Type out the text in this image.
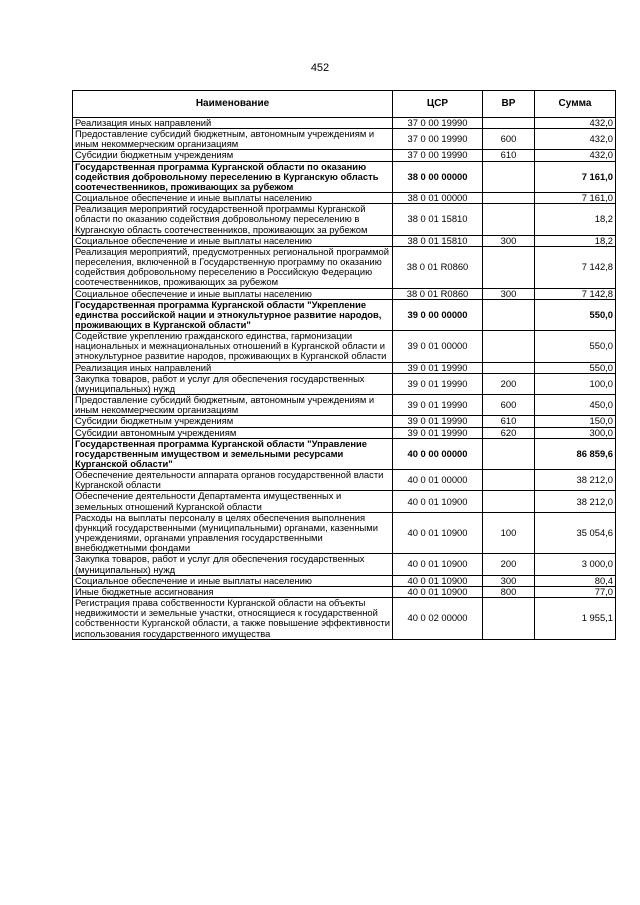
452
Наименование	ЦСР	ВР	Сумма
Реализация иных направлений	37 0 00 19990		432,0
Предоставление субсидий бюджетным, автономным учреждениям и иным некоммерческим организациям	37 0 00 19990	600	432,0
Субсидии бюджетным учреждениям	37 0 00 19990	610	432,0
Государственная программа Курганской области по оказанию содействия добровольному переселению в Курганскую область соотечественников, проживающих за рубежом	38 0 00 00000		7 161,0
Социальное обеспечение и иные выплаты населению	38 0 01 00000		7 161,0
Реализация мероприятий государственной программы Курганской области по оказанию содействия добровольному переселению в Курганскую область соотечественников, проживающих за рубежом	38 0 01 15810		18,2
Социальное обеспечение и иные выплаты населению	38 0 01 15810	300	18,2
Реализация мероприятий, предусмотренных региональной программой переселения, включенной в Государственную программу по оказанию содействия добровольному переселению в Российскую Федерацию соотечественников, проживающих за рубежом	38 0 01 R0860		7 142,8
Социальное обеспечение и иные выплаты населению	38 0 01 R0860	300	7 142,8
Государственная программа Курганской области "Укрепление единства российской нации и этнокультурное развитие народов, проживающих в Курганской области"	39 0 00 00000		550,0
Содействие укреплению гражданского единства, гармонизации национальных и межнациональных отношений в Курганской области и этнокультурное развитие народов, проживающих в Курганской области	39 0 01 00000		550,0
Реализация иных направлений	39 0 01 19990		550,0
Закупка товаров, работ и услуг для обеспечения государственных (муниципальных) нужд	39 0 01 19990	200	100,0
Предоставление субсидий бюджетным, автономным учреждениям и иным некоммерческим организациям	39 0 01 19990	600	450,0
Субсидии бюджетным учреждениям	39 0 01 19990	610	150,0
Субсидии автономным учреждениям	39 0 01 19990	620	300,0
Государственная программа Курганской области "Управление государственным имуществом и земельными ресурсами Курганской области"	40 0 00 00000		86 859,6
Обеспечение деятельности аппарата органов государственной власти Курганской области	40 0 01 00000		38 212,0
Обеспечение деятельности Департамента имущественных и земельных отношений Курганской области	40 0 01 10900		38 212,0
Расходы на выплаты персоналу в целях обеспечения выполнения функций государственными (муниципальными) органами, казенными учреждениями, органами управления государственными внебюджетными фондами	40 0 01 10900	100	35 054,6
Закупка товаров, работ и услуг для обеспечения государственных (муниципальных) нужд	40 0 01 10900	200	3 000,0
Социальное обеспечение и иные выплаты населению	40 0 01 10900	300	80,4
Иные бюджетные ассигнования	40 0 01 10900	800	77,0
Регистрация права собственности Курганской области на объекты недвижимости и земельные участки, относящиеся к государственной собственности Курганской области, а также повышение эффективности использования государственного имущества	40 0 02 00000		1 955,1
